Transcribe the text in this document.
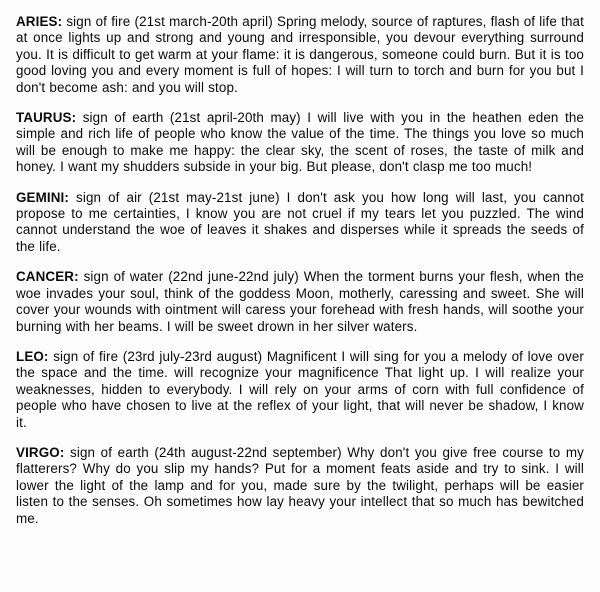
ARIES: sign of fire (21st march-20th april) Spring melody, source of raptures, flash of life that at once lights up and strong and young and irresponsible, you devour everything surround you. It is difficult to get warm at your flame: it is dangerous, someone could burn. But it is too good loving you and every moment is full of hopes: I will turn to torch and burn for you but I don't become ash: and you will stop.

TAURUS: sign of earth (21st april-20th may) I will live with you in the heathen eden the simple and rich life of people who know the value of the time. The things you love so much will be enough to make me happy: the clear sky, the scent of roses, the taste of milk and honey. I want my shudders subside in your big. But please, don't clasp me too much!

GEMINI: sign of air (21st may-21st june) I don't ask you how long will last, you cannot propose to me certainties, I know you are not cruel if my tears let you puzzled. The wind cannot understand the woe of leaves it shakes and disperses while it spreads the seeds of the life.

CANCER: sign of water (22nd june-22nd july) When the torment burns your flesh, when the woe invades your soul, think of the goddess Moon, motherly, caressing and sweet. She will cover your wounds with ointment will caress your forehead with fresh hands, will soothe your burning with her beams. I will be sweet drown in her silver waters.

LEO: sign of fire (23rd july-23rd august) Magnificent I will sing for you a melody of love over the space and the time. will recognize your magnificence That light up. I will realize your weaknesses, hidden to everybody. I will rely on your arms of corn with full confidence of people who have chosen to live at the reflex of your light, that will never be shadow, I know it.

VIRGO: sign of earth (24th august-22nd september) Why don't you give free course to my flatterers? Why do you slip my hands? Put for a moment feats aside and try to sink. I will lower the light of the lamp and for you, made sure by the twilight, perhaps will be easier listen to the senses. Oh sometimes how lay heavy your intellect that so much has bewitched me.
